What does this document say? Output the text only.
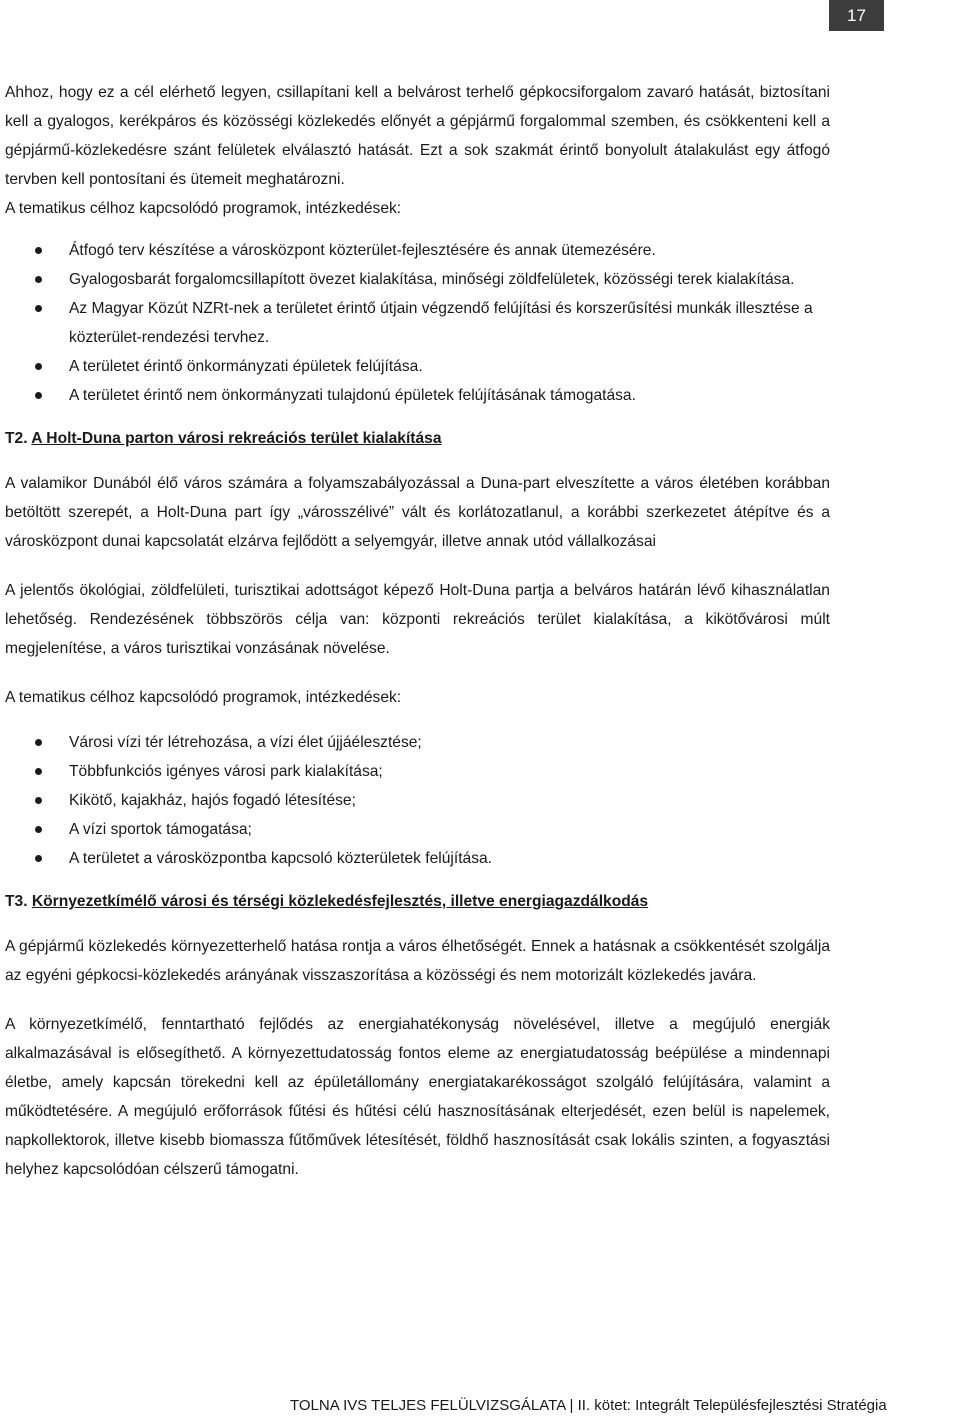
17

Ahhoz, hogy ez a cél elérhető legyen, csillapítani kell a belvárost terhelő gépkocsiforgalom zavaró hatását, biztosítani kell a gyalogos, kerékpáros és közösségi közlekedés előnyét a gépjármű forgalommal szemben, és csökkenteni kell a gépjármű-közlekedésre szánt felületek elválasztó hatását. Ezt a sok szakmát érintő bonyolult átalakulást egy átfogó tervben kell pontosítani és ütemeit meghatározni.

A tematikus célhoz kapcsolódó programok, intézkedések:

Átfogó terv készítése a városközpont közterület-fejlesztésére és annak ütemezésére.
Gyalogosbarát forgalomcsillapított övezet kialakítása, minőségi zöldfelületek, közösségi terek kialakítása.
Az Magyar Közút NZRt-nek a területet érintő útjain végzendő felújítási és korszerűsítési munkák illesztése a közterület-rendezési tervhez.
A területet érintő önkormányzati épületek felújítása.
A területet érintő nem önkormányzati tulajdonú épületek felújításának támogatása.

T2. A Holt-Duna parton városi rekreációs terület kialakítása

A valamikor Dunából élő város számára a folyamszabályozással a Duna-part elveszítette a város életében korábban betöltött szerepét, a Holt-Duna part így „városszélivé” vált és korlátozatlanul, a korábbi szerkezetet átépítve és a városközpont dunai kapcsolatát elzárva fejlődött a selyemgyár, illetve annak utód vállalkozásai

A jelentős ökológiai, zöldfelületi, turisztikai adottságot képező Holt-Duna partja a belváros határán lévő kihasználatlan lehetőség. Rendezésének többszörös célja van: központi rekreációs terület kialakítása, a kikötővárosi múlt megjelenítése, a város turisztikai vonzásának növelése.

A tematikus célhoz kapcsolódó programok, intézkedések:

Városi vízi tér létrehozása, a vízi élet újjáélesztése;
Többfunkciós igényes városi park kialakítása;
Kikötő, kajakház, hajós fogadó létesítése;
A vízi sportok támogatása;
A területet a városközpontba kapcsoló közterületek felújítása.

T3. Környezetkímélő városi és térségi közlekedésfejlesztés, illetve energiagazdálkodás

A gépjármű közlekedés környezetterhelő hatása rontja a város élhetőségét. Ennek a hatásnak a csökkentését szolgálja az egyéni gépkocsi-közlekedés arányának visszaszorítása a közösségi és nem motorizált közlekedés javára.

A környezetkímélő, fenntartható fejlődés az energiahatékonyság növelésével, illetve a megújuló energiák alkalmazásával is elősegíthető. A környezettudatosság fontos eleme az energiatudatosság beépülése a mindennapi életbe, amely kapcsán törekedni kell az épületállomány energiatakarékosságot szolgáló felújítására, valamint a működtetésére. A megújuló erőforrások fűtési és hűtési célú hasznosításának elterjedését, ezen belül is napelemek, napkollektorok, illetve kisebb biomassza fűtőművek létesítését, földhő hasznosítását csak lokális szinten, a fogyasztási helyhez kapcsolódóan célszerű támogatni.

TOLNA IVS TELJES FELÜLVIZSGÁLATA | II. kötet: Integrált Településfejlesztési Stratégia
